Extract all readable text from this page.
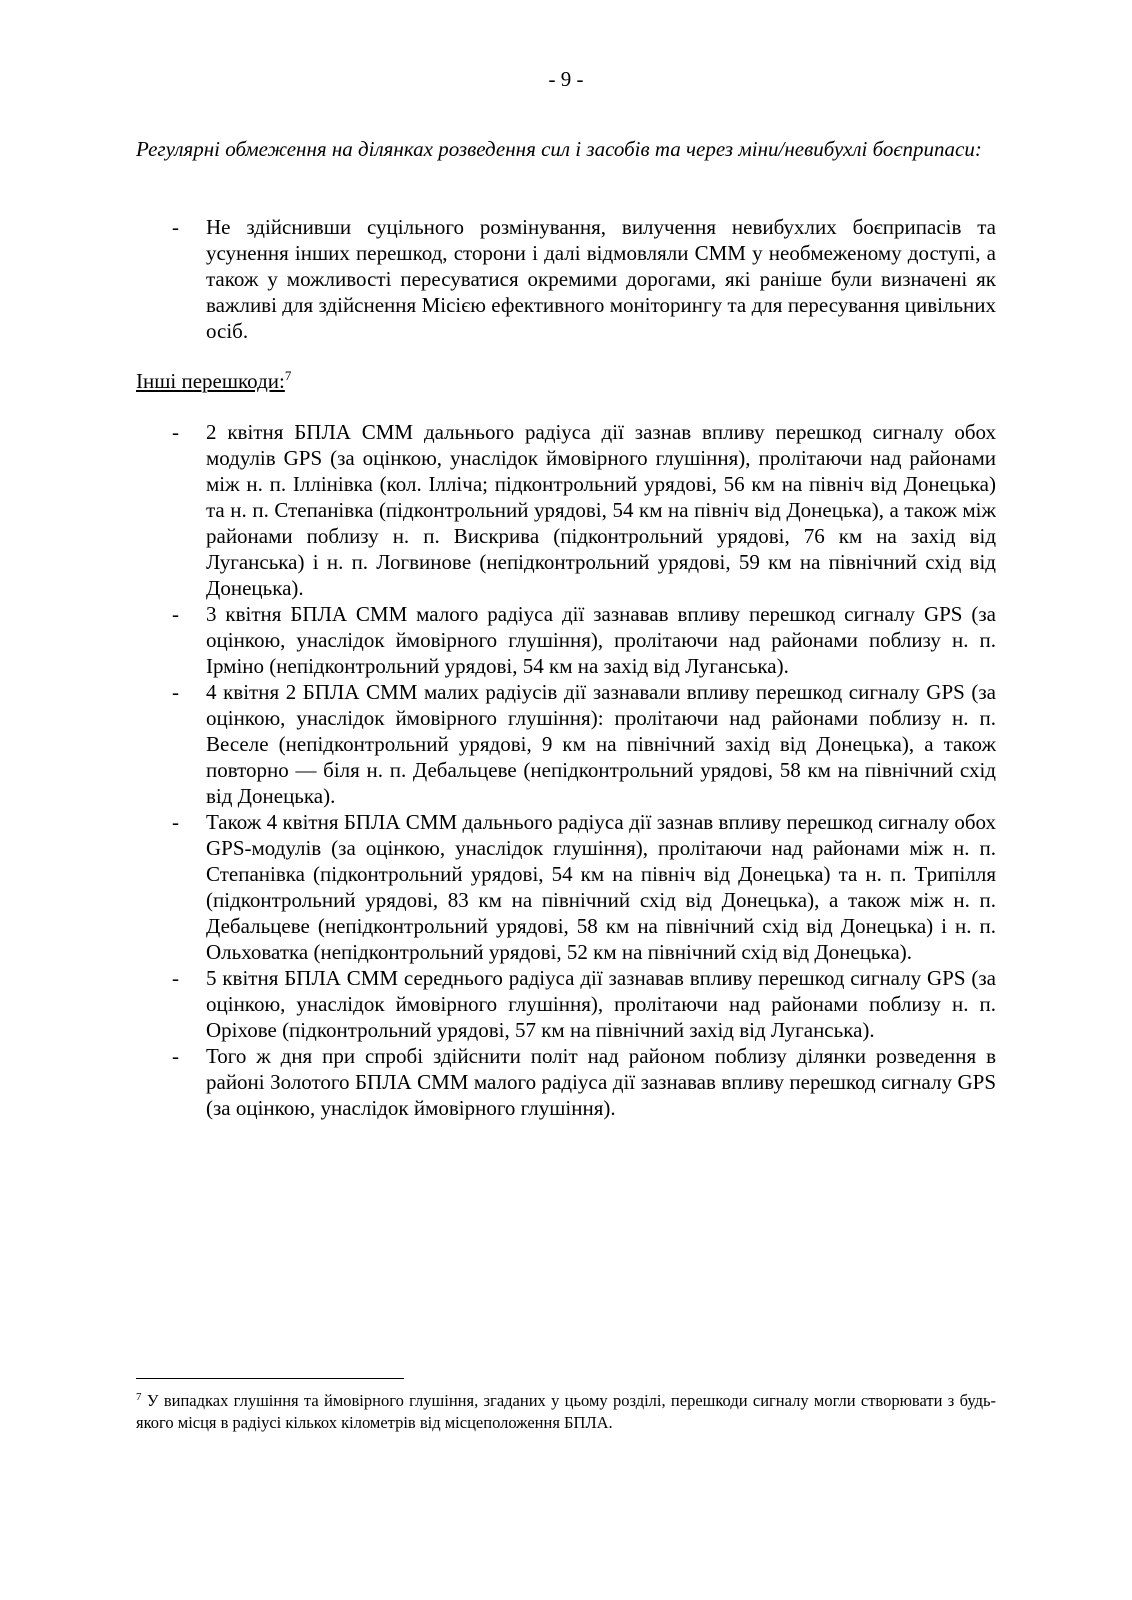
- 9 -
Регулярні обмеження на ділянках розведення сил і засобів та через міни/невибухлі боєприпаси:
- Не здійснивши суцільного розмінування, вилучення невибухлих боєприпасів та усунення інших перешкод, сторони і далі відмовляли СММ у необмеженому доступі, а також у можливості пересуватися окремими дорогами, які раніше були визначені як важливі для здійснення Місією ефективного моніторингу та для пересування цивільних осіб.
Інші перешкоди:$^7$
- 2 квітня БПЛА СММ дальнього радіуса дії зазнав впливу перешкод сигналу обох модулів GPS (за оцінкою, унаслідок ймовірного глушіння), пролітаючи над районами між н. п. Іллінівка (кол. Ілліча; підконтрольний урядові, 56 км на північ від Донецька) та н. п. Степанівка (підконтрольний урядові, 54 км на північ від Донецька), а також між районами поблизу н. п. Вискрива (підконтрольний урядові, 76 км на захід від Луганська) і н. п. Логвинове (непідконтрольний урядові, 59 км на північний схід від Донецька).
- 3 квітня БПЛА СММ малого радіуса дії зазнавав впливу перешкод сигналу GPS (за оцінкою, унаслідок ймовірного глушіння), пролітаючи над районами поблизу н. п. Ірміно (непідконтрольний урядові, 54 км на захід від Луганська).
- 4 квітня 2 БПЛА СММ малих радіусів дії зазнавали впливу перешкод сигналу GPS (за оцінкою, унаслідок ймовірного глушіння): пролітаючи над районами поблизу н. п. Веселе (непідконтрольний урядові, 9 км на північний захід від Донецька), а також повторно — біля н. п. Дебальцеве (непідконтрольний урядові, 58 км на північний схід від Донецька).
- Також 4 квітня БПЛА СММ дальнього радіуса дії зазнав впливу перешкод сигналу обох GPS-модулів (за оцінкою, унаслідок глушіння), пролітаючи над районами між н. п. Степанівка (підконтрольний урядові, 54 км на північ від Донецька) та н. п. Трипілля (підконтрольний урядові, 83 км на північний схід від Донецька), а також між н. п. Дебальцеве (непідконтрольний урядові, 58 км на північний схід від Донецька) і н. п. Ольховатка (непідконтрольний урядові, 52 км на північний схід від Донецька).
- 5 квітня БПЛА СММ середнього радіуса дії зазнавав впливу перешкод сигналу GPS (за оцінкою, унаслідок ймовірного глушіння), пролітаючи над районами поблизу н. п. Оріхове (підконтрольний урядові, 57 км на північний захід від Луганська).
- Того ж дня при спробі здійснити політ над районом поблизу ділянки розведення в районі Золотого БПЛА СММ малого радіуса дії зазнавав впливу перешкод сигналу GPS (за оцінкою, унаслідок ймовірного глушіння).
$^7$ У випадках глушіння та ймовірного глушіння, згаданих у цьому розділі, перешкоди сигналу могли створювати з будь-якого місця в радіусі кількох кілометрів від місцеположення БПЛА.
